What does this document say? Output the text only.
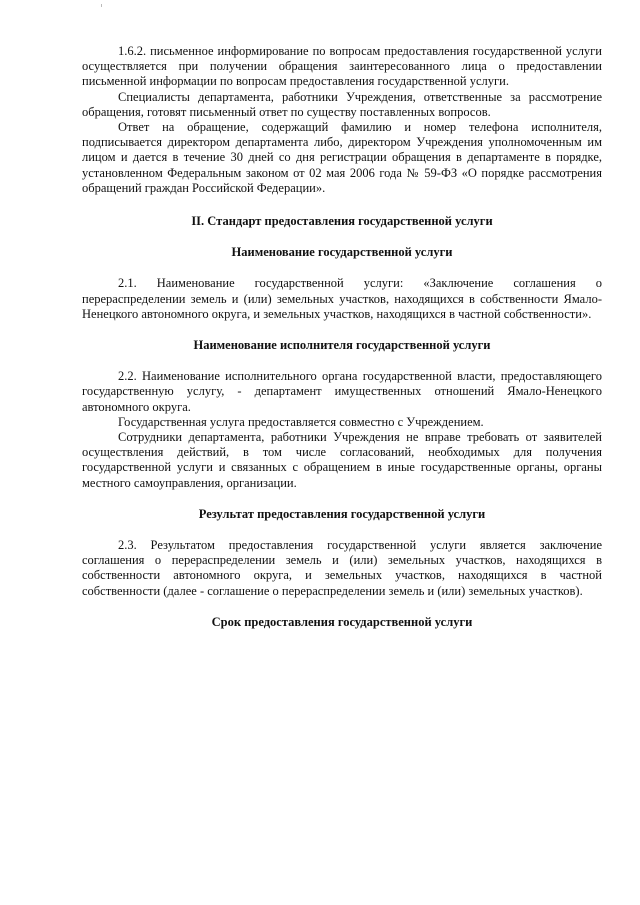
1.6.2. письменное информирование по вопросам предоставления государственной услуги осуществляется при получении обращения заинтересованного лица о предоставлении письменной информации по вопросам предоставления государственной услуги.

Специалисты департамента, работники Учреждения, ответственные за рассмотрение обращения, готовят письменный ответ по существу поставленных вопросов.

Ответ на обращение, содержащий фамилию и номер телефона исполнителя, подписывается директором департамента либо, директором Учреждения уполномоченным им лицом и дается в течение 30 дней со дня регистрации обращения в департаменте в порядке, установленном Федеральным законом от 02 мая 2006 года № 59-ФЗ «О порядке рассмотрения обращений граждан Российской Федерации».

II. Стандарт предоставления государственной услуги
Наименование государственной услуги

2.1. Наименование государственной услуги: «Заключение соглашения о перераспределении земель и (или) земельных участков, находящихся в собственности Ямало-Ненецкого автономного округа, и земельных участков, находящихся в частной собственности».

Наименование исполнителя государственной услуги

2.2. Наименование исполнительного органа государственной власти, предоставляющего государственную услугу, - департамент имущественных отношений Ямало-Ненецкого автономного округа.

Государственная услуга предоставляется совместно с Учреждением.

Сотрудники департамента, работники Учреждения не вправе требовать от заявителей осуществления действий, в том числе согласований, необходимых для получения государственной услуги и связанных с обращением в иные государственные органы, органы местного самоуправления, организации.

Результат предоставления государственной услуги

2.3. Результатом предоставления государственной услуги является заключение соглашения о перераспределении земель и (или) земельных участков, находящихся в собственности автономного округа, и земельных участков, находящихся в частной собственности (далее - соглашение о перераспределении земель и (или) земельных участков).

Срок предоставления государственной услуги
